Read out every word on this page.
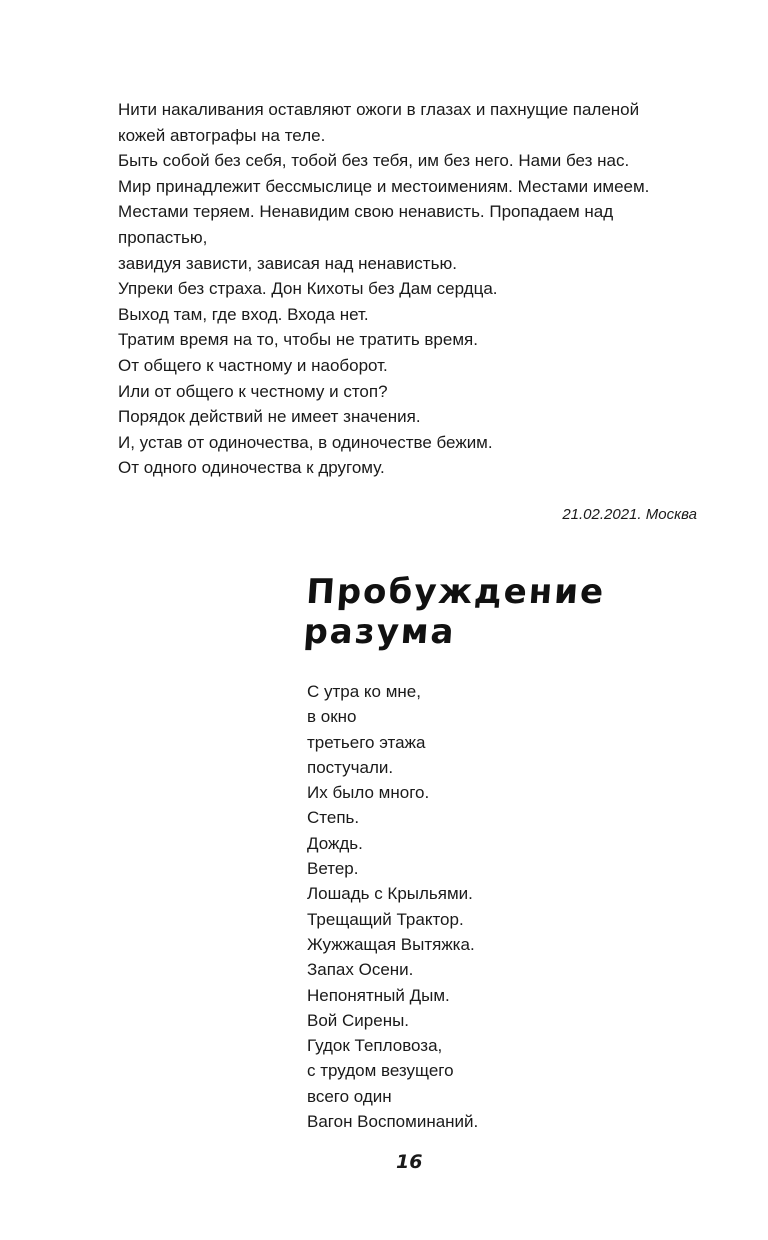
Нити накаливания оставляют ожоги в глазах и пахнущие паленой
кожей автографы на теле.
Быть собой без себя, тобой без тебя, им без него. Нами без нас.
Мир принадлежит бессмыслице и местоимениям. Местами имеем.
Местами теряем. Ненавидим свою ненависть. Пропадаем над
пропастью,
завидуя зависти, зависая над ненавистью.
Упреки без страха. Дон Кихоты без Дам сердца.
Выход там, где вход. Входа нет.
Тратим время на то, чтобы не тратить время.
От общего к частному и наоборот.
Или от общего к честному и стоп?
Порядок действий не имеет значения.
И, устав от одиночества, в одиночестве бежим.
От одного одиночества к другому.
21.02.2021. Москва
Пробуждение
разума
С утра ко мне,
в окно
третьего этажа
постучали.
Их было много.
Степь.
Дождь.
Ветер.
Лошадь с Крыльями.
Трещащий Трактор.
Жужжащая Вытяжка.
Запах Осени.
Непонятный Дым.
Вой Сирены.
Гудок Тепловоза,
с трудом везущего
всего один
Вагон Воспоминаний.
16
